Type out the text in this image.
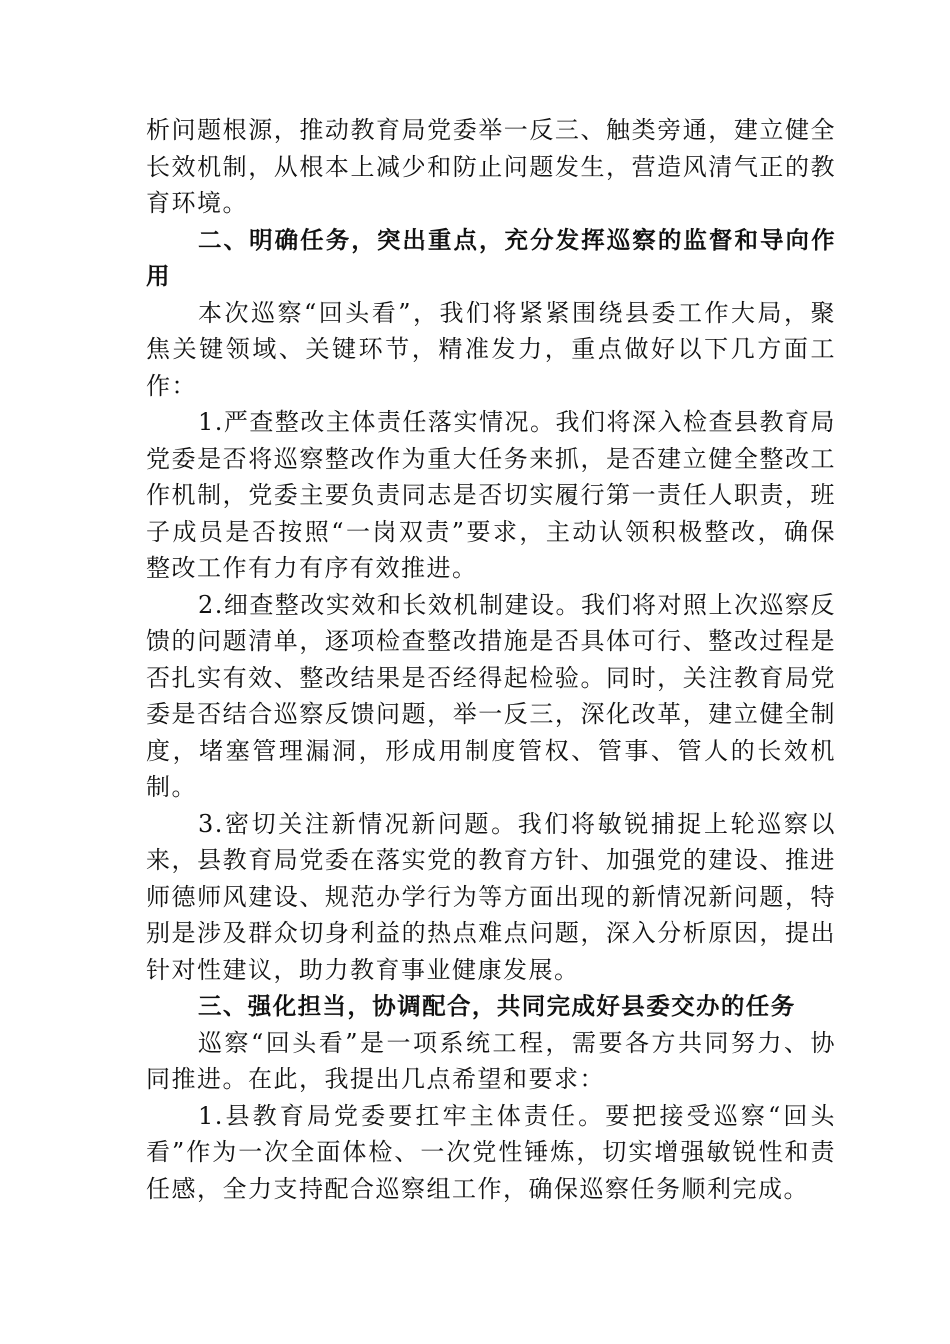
析问题根源，推动教育局党委举一反三、触类旁通，建立健全长效机制，从根本上减少和防止问题发生，营造风清气正的教育环境。

二、明确任务，突出重点，充分发挥巡察的监督和导向作用

本次巡察“回头看”，我们将紧紧围绕县委工作大局，聚焦关键领域、关键环节，精准发力，重点做好以下几方面工作：

1.严查整改主体责任落实情况。我们将深入检查县教育局党委是否将巡察整改作为重大任务来抓，是否建立健全整改工作机制，党委主要负责同志是否切实履行第一责任人职责，班子成员是否按照“一岗双责”要求，主动认领积极整改，确保整改工作有力有序有效推进。

2.细查整改实效和长效机制建设。我们将对照上次巡察反馈的问题清单，逐项检查整改措施是否具体可行、整改过程是否扎实有效、整改结果是否经得起检验。同时，关注教育局党委是否结合巡察反馈问题，举一反三，深化改革，建立健全制度，堵塞管理漏洞，形成用制度管权、管事、管人的长效机制。

3.密切关注新情况新问题。我们将敏锐捕捉上轮巡察以来，县教育局党委在落实党的教育方针、加强党的建设、推进师德师风建设、规范办学行为等方面出现的新情况新问题，特别是涉及群众切身利益的热点难点问题，深入分析原因，提出针对性建议，助力教育事业健康发展。

三、强化担当，协调配合，共同完成好县委交办的任务

巡察“回头看”是一项系统工程，需要各方共同努力、协同推进。在此，我提出几点希望和要求：

1.县教育局党委要扛牢主体责任。要把接受巡察“回头看”作为一次全面体检、一次党性锤炼，切实增强敏锐性和责任感，全力支持配合巡察组工作，确保巡察任务顺利完成。
